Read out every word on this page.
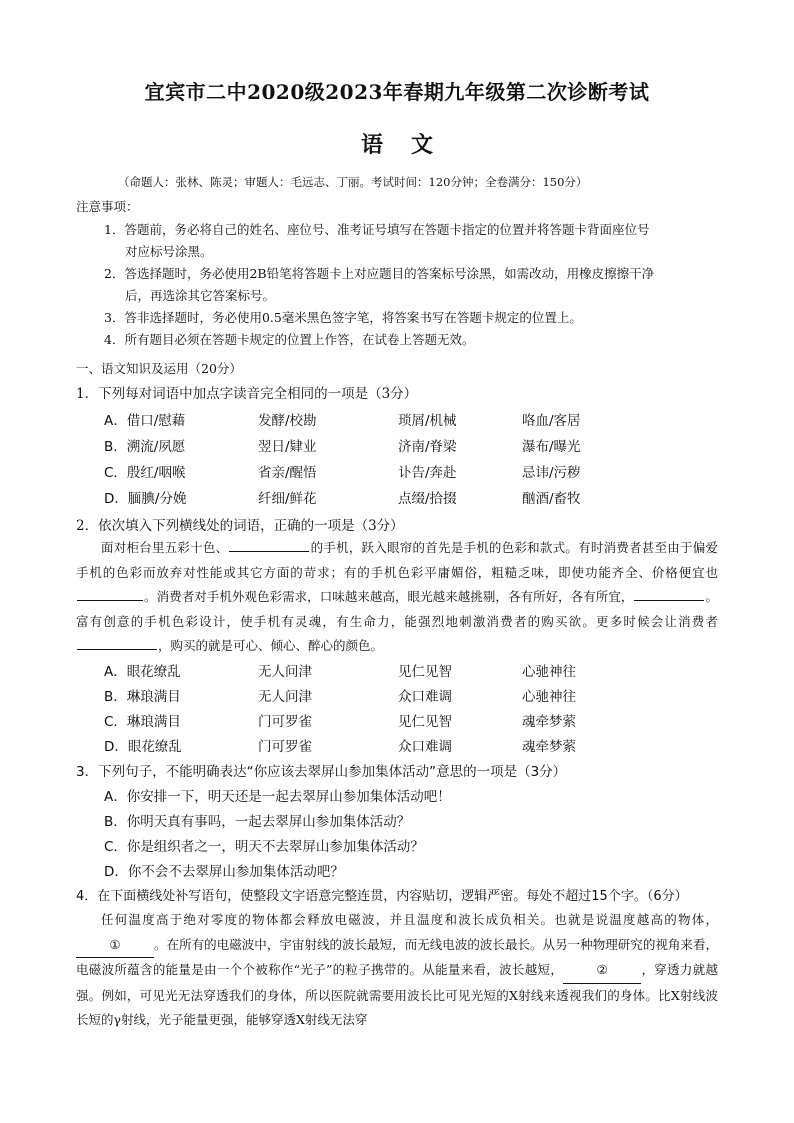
宜宾市二中2020级2023年春期九年级第二次诊断考试
语文
（命题人：张林、陈灵；审题人：毛远志、丁丽。考试时间：120分钟；全卷满分：150分）
注意事项：
1．答题前，务必将自己的姓名、座位号、准考证号填写在答题卡指定的位置并将答题卡背面座位号
对应标号涂黑。
2．答选择题时，务必使用2B铅笔将答题卡上对应题目的答案标号涂黑，如需改动，用橡皮擦擦干净
后，再选涂其它答案标号。
3．答非选择题时，务必使用0.5毫米黑色签字笔，将答案书写在答题卡规定的位置上。
4．所有题目必须在答题卡规定的位置上作答，在试卷上答题无效。
一、语文知识及运用（20分）
1．下列每对词语中加点字读音完全相同的一项是（3分）
A．借口/慰藉	发酵/校勘	琐屑/机械	咯血/客居
B．溯流/夙愿	翌日/肄业	济南/脊梁	瀑布/曝光
C．殷红/咽喉	省亲/醒悟	讣告/奔赴	忌讳/污秽
D．腼腆/分娩	纤细/鲜花	点缀/拾掇	酗酒/畜牧
2．依次填入下列横线处的词语，正确的一项是（3分）
面对柜台里五彩十色、	的手机，跃入眼帘的首先是手机的色彩和款式。有时消费者甚至由于偏爱手机的色彩而放弃对性能或其它方面的苛求；有的手机色彩平庸媚俗，粗糙乏味，即使功能齐全、价格便宜也。消费者对手机外观色彩需求，口味越来越高，眼光越来越挑剔，各有所好，各有所宜，	。富有创意的手机色彩设计，使手机有灵魂，有生命力，能强烈地刺激消费者的购买欲。更多时候会让消费者，购买的就是可心、倾心、醉心的颜色。
A．眼花缭乱	无人问津	见仁见智	心驰神往
B．琳琅满目	无人问津	众口难调	心驰神往
C．琳琅满目	门可罗雀	见仁见智	魂牵梦萦
D．眼花缭乱	门可罗雀	众口难调	魂牵梦萦
3．下列句子，不能明确表达“你应该去翠屏山参加集体活动”意思的一项是（3分）
A．你安排一下，明天还是一起去翠屏山参加集体活动吧！
B．你明天真有事吗，一起去翠屏山参加集体活动？
C．你是组织者之一，明天不去翠屏山参加集体活动？
D．你不会不去翠屏山参加集体活动吧？
4．在下面横线处补写语句，使整段文字语意完整连贯，内容贴切，逻辑严密。每处不超过15个字。（6分）
任何温度高于绝对零度的物体都会释放电磁波，并且温度和波长成负相关。也就是说温度越高的物体，①	。在所有的电磁波中，宇宙射线的波长最短，而无线电波的波长最长。从另一种物理研究的视角来看，电磁波所蕴含的能量是由一个个被称作“光子”的粒子携带的。从能量来看，波长越短，	②	，穿透力就越强。例如，可见光无法穿透我们的身体，所以医院就需要用波长比可见光短的X射线来透视我们的身体。比X射线波长短的γ射线，光子能量更强，能够穿透X射线无法穿
